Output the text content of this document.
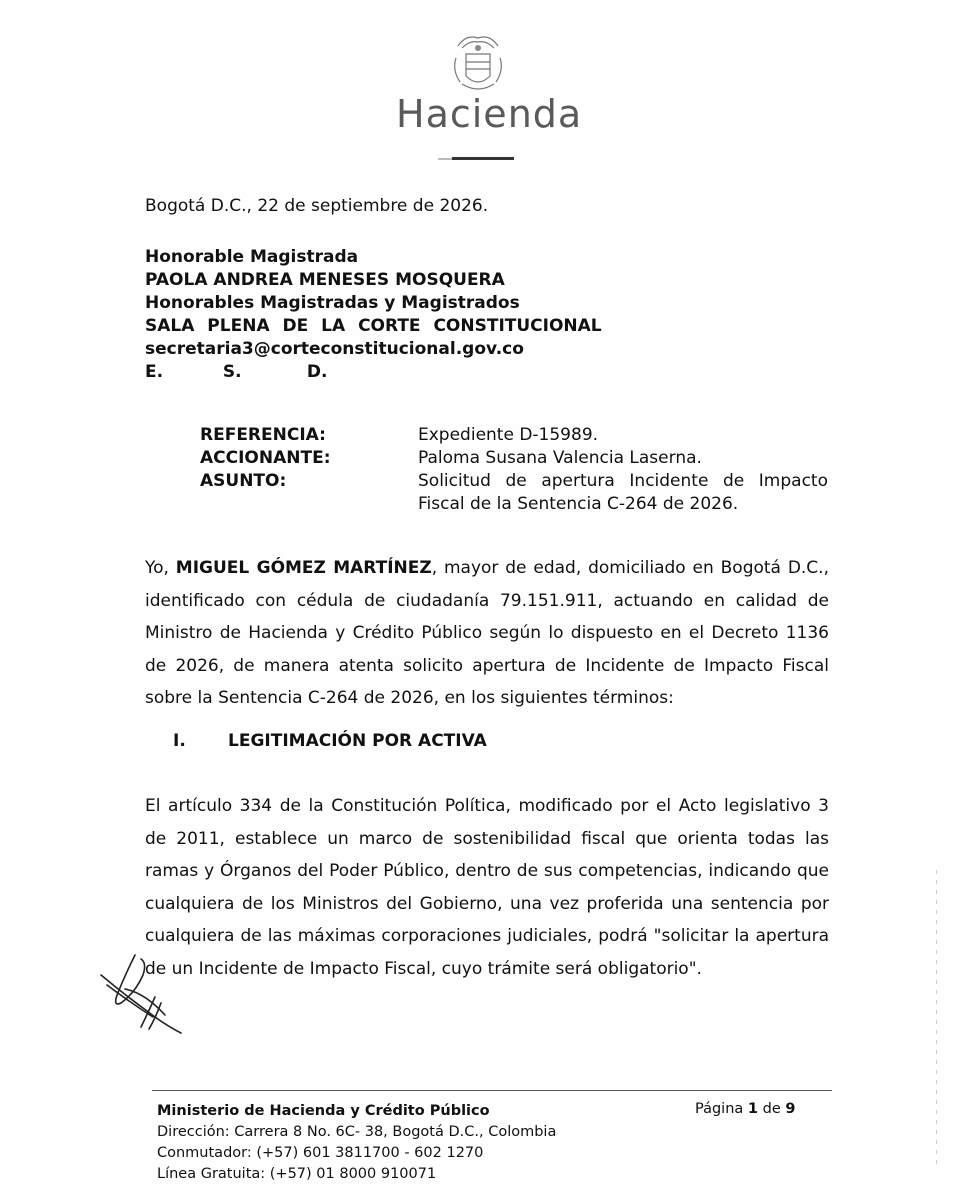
Hacienda
Bogotá D.C., 22 de septiembre de 2026.
Honorable Magistrada
PAOLA ANDREA MENESES MOSQUERA
Honorables Magistradas y Magistrados
SALA PLENA DE LA CORTE CONSTITUCIONAL
secretaria3@corteconstitucional.gov.co
E.	S.	D.
REFERENCIA:	Expediente D-15989.
ACCIONANTE:	Paloma Susana Valencia Laserna.
ASUNTO:	Solicitud de apertura Incidente de Impacto Fiscal de la Sentencia C-264 de 2026.
Yo, MIGUEL GÓMEZ MARTÍNEZ, mayor de edad, domiciliado en Bogotá D.C., identificado con cédula de ciudadanía 79.151.911, actuando en calidad de Ministro de Hacienda y Crédito Público según lo dispuesto en el Decreto 1136 de 2026, de manera atenta solicito apertura de Incidente de Impacto Fiscal sobre la Sentencia C-264 de 2026, en los siguientes términos:
I.	LEGITIMACIÓN POR ACTIVA
El artículo 334 de la Constitución Política, modificado por el Acto legislativo 3 de 2011, establece un marco de sostenibilidad fiscal que orienta todas las ramas y Órganos del Poder Público, dentro de sus competencias, indicando que cualquiera de los Ministros del Gobierno, una vez proferida una sentencia por cualquiera de las máximas corporaciones judiciales, podrá "solicitar la apertura de un Incidente de Impacto Fiscal, cuyo trámite será obligatorio".
Ministerio de Hacienda y Crédito Público
Dirección: Carrera 8 No. 6C- 38, Bogotá D.C., Colombia
Conmutador: (+57) 601 3811700 - 602 1270
Línea Gratuita: (+57) 01 8000 910071
Página 1 de 9
